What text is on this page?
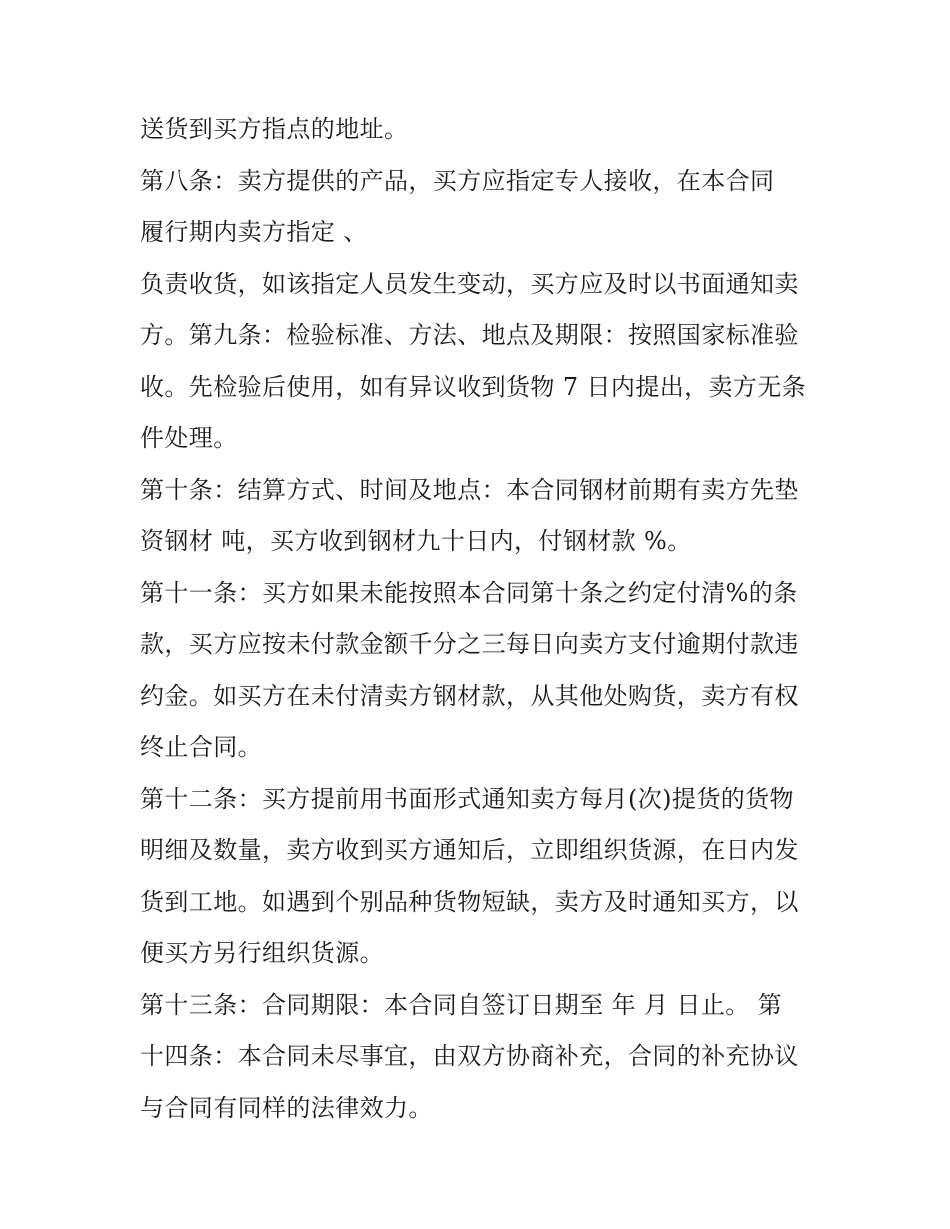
送货到买方指点的地址。
第八条：卖方提供的产品，买方应指定专人接收，在本合同
履行期内卖方指定 、
负责收货，如该指定人员发生变动，买方应及时以书面通知卖
方。第九条：检验标准、方法、地点及期限：按照国家标准验
收。先检验后使用，如有异议收到货物 7 日内提出，卖方无条
件处理。
第十条：结算方式、时间及地点：本合同钢材前期有卖方先垫
资钢材 吨，买方收到钢材九十日内，付钢材款 %。
第十一条：买方如果未能按照本合同第十条之约定付清%的条
款，买方应按未付款金额千分之三每日向卖方支付逾期付款违
约金。如买方在未付清卖方钢材款，从其他处购货，卖方有权
终止合同。
第十二条：买方提前用书面形式通知卖方每月(次)提货的货物
明细及数量，卖方收到买方通知后，立即组织货源，在日内发
货到工地。如遇到个别品种货物短缺，卖方及时通知买方，以
便买方另行组织货源。
第十三条：合同期限：本合同自签订日期至 年 月 日止。 第
十四条：本合同未尽事宜，由双方协商补充，合同的补充协议
与合同有同样的法律效力。
